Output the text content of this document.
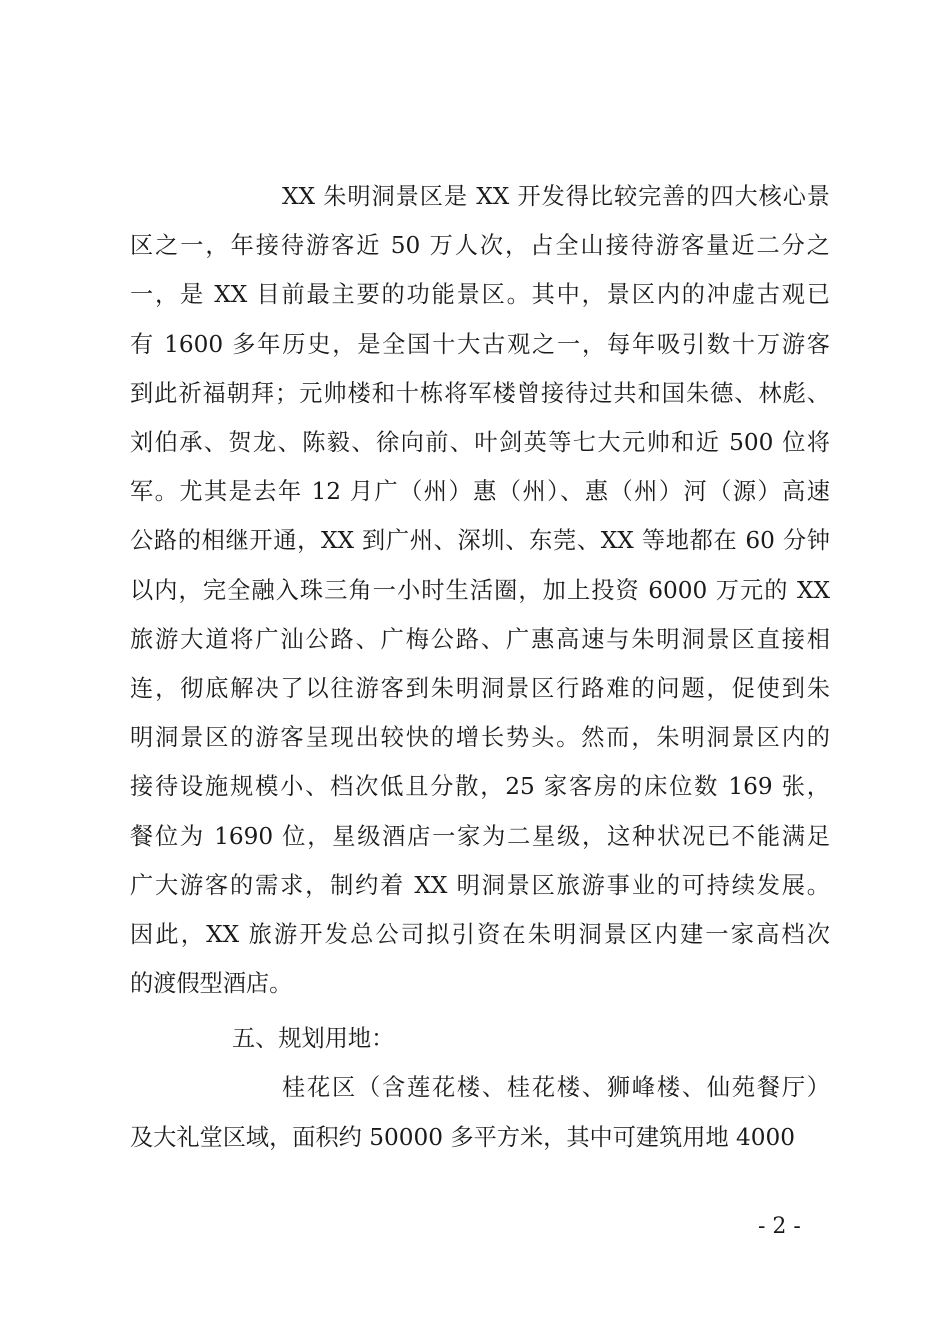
XX 朱明洞景区是 XX 开发得比较完善的四大核心景
区之一，年接待游客近 50 万人次，占全山接待游客量近二分之
一，是 XX 目前最主要的功能景区。其中，景区内的冲虚古观已
有 1600 多年历史，是全国十大古观之一，每年吸引数十万游客
到此祈福朝拜；元帅楼和十栋将军楼曾接待过共和国朱德、林彪、
刘伯承、贺龙、陈毅、徐向前、叶剑英等七大元帅和近 500 位将
军。尤其是去年 12 月广（州）惠（州）、惠（州）河（源）高速
公路的相继开通，XX 到广州、深圳、东莞、XX 等地都在 60 分钟
以内，完全融入珠三角一小时生活圈，加上投资 6000 万元的 XX
旅游大道将广汕公路、广梅公路、广惠高速与朱明洞景区直接相
连，彻底解决了以往游客到朱明洞景区行路难的问题，促使到朱
明洞景区的游客呈现出较快的增长势头。然而，朱明洞景区内的
接待设施规模小、档次低且分散，25 家客房的床位数 169 张，
餐位为 1690 位，星级酒店一家为二星级，这种状况已不能满足
广大游客的需求，制约着 XX 明洞景区旅游事业的可持续发展。
因此，XX 旅游开发总公司拟引资在朱明洞景区内建一家高档次
的渡假型酒店。
五、规划用地：
桂花区（含莲花楼、桂花楼、狮峰楼、仙苑餐厅）
及大礼堂区域，面积约 50000 多平方米，其中可建筑用地 4000
- 2 -
